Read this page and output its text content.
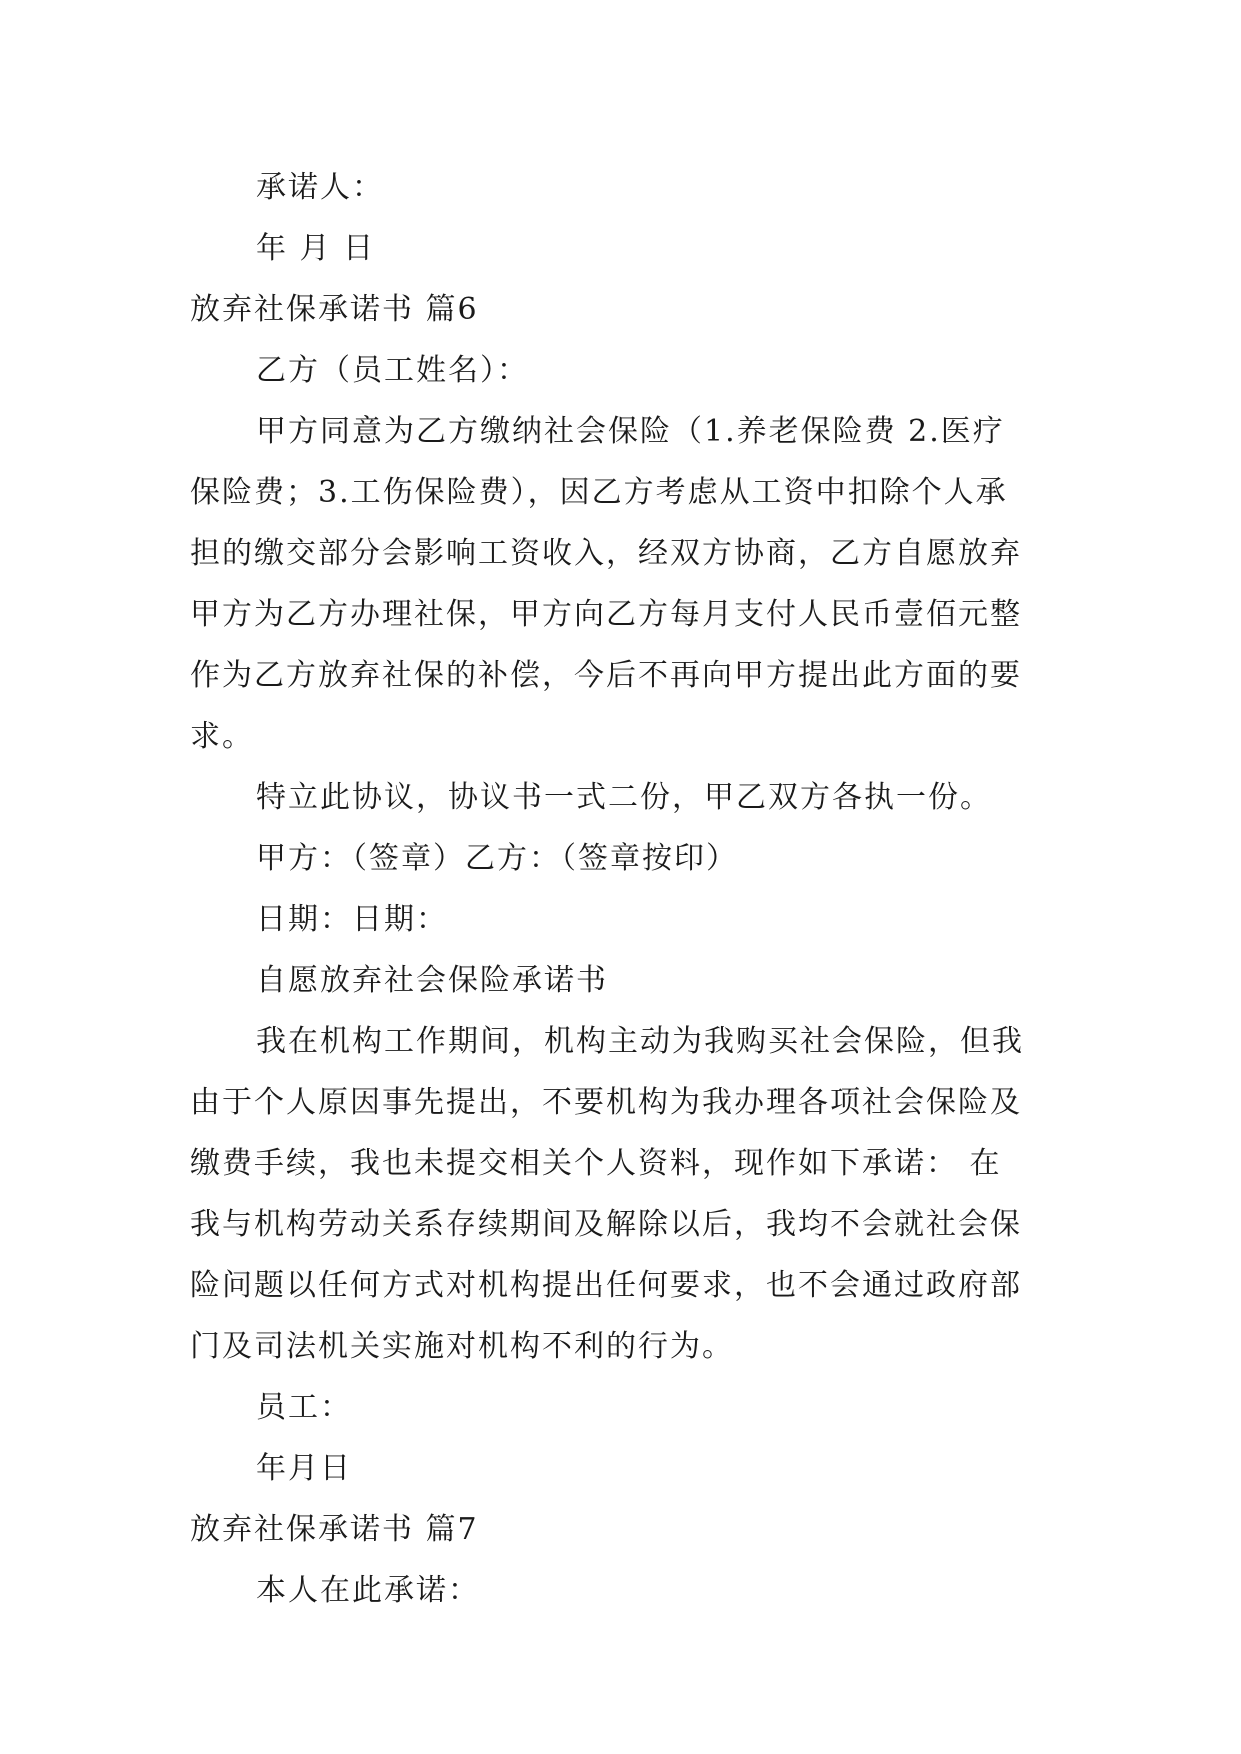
承诺人：
年 月 日
放弃社保承诺书 篇6
乙方（员工姓名）：
甲方同意为乙方缴纳社会保险（1.养老保险费 2.医疗
保险费；3.工伤保险费），因乙方考虑从工资中扣除个人承
担的缴交部分会影响工资收入，经双方协商，乙方自愿放弃
甲方为乙方办理社保，甲方向乙方每月支付人民币壹佰元整
作为乙方放弃社保的补偿，今后不再向甲方提出此方面的要
求。
特立此协议，协议书一式二份，甲乙双方各执一份。
甲方：（签章）乙方：（签章按印）
日期：日期：
自愿放弃社会保险承诺书
我在机构工作期间，机构主动为我购买社会保险，但我
由于个人原因事先提出，不要机构为我办理各项社会保险及
缴费手续，我也未提交相关个人资料，现作如下承诺： 在
我与机构劳动关系存续期间及解除以后，我均不会就社会保
险问题以任何方式对机构提出任何要求，也不会通过政府部
门及司法机关实施对机构不利的行为。
员工：
年月日
放弃社保承诺书 篇7
本人在此承诺：
